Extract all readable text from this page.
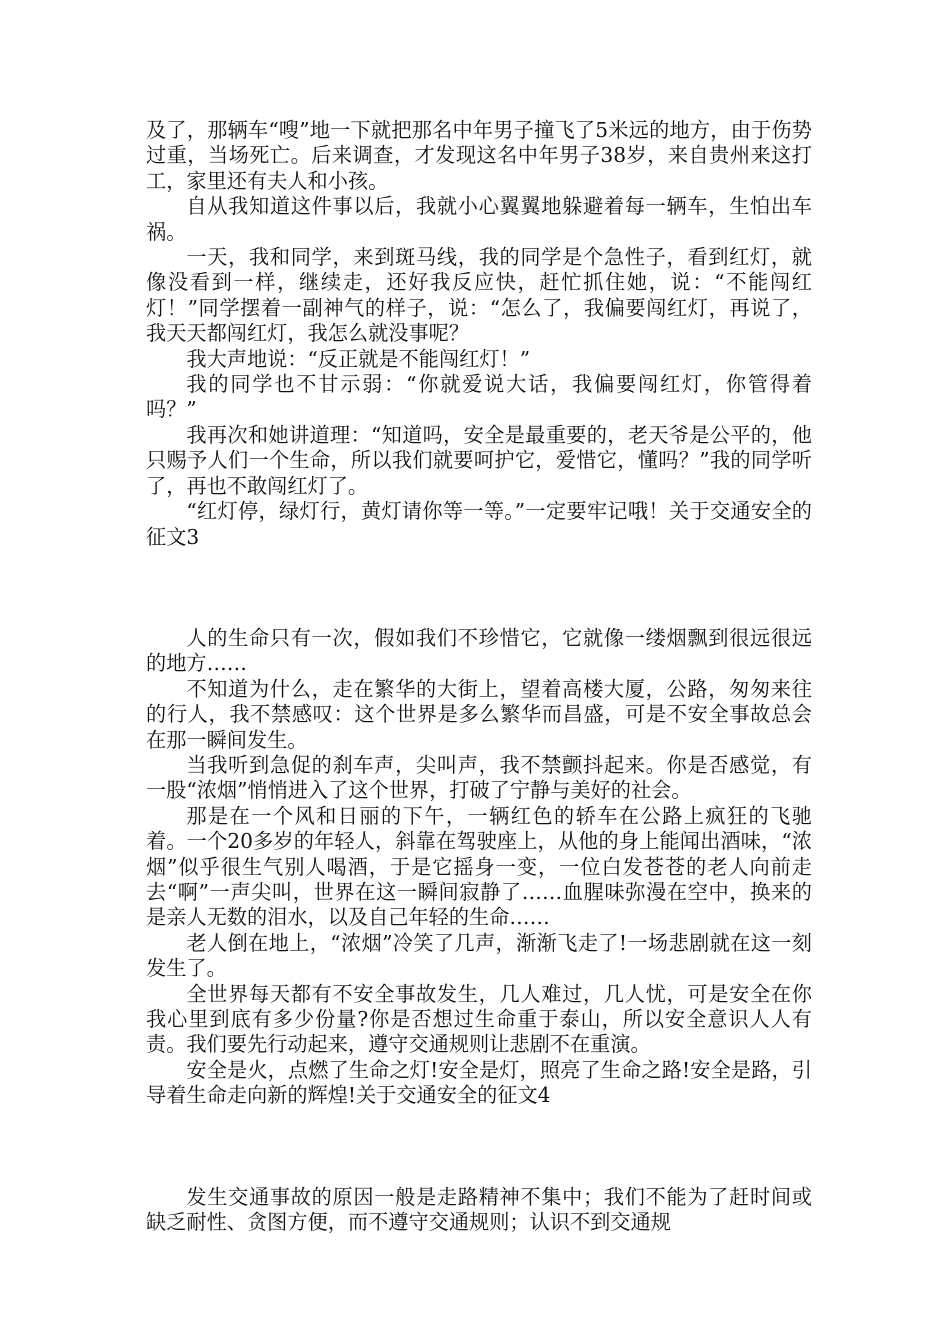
及了，那辆车“嗖”地一下就把那名中年男子撞飞了5米远的地方，由于伤势过重，当场死亡。后来调查，才发现这名中年男子38岁，来自贵州来这打工，家里还有夫人和小孩。

自从我知道这件事以后，我就小心翼翼地躲避着每一辆车，生怕出车祸。

一天，我和同学，来到斑马线，我的同学是个急性子，看到红灯，就像没看到一样，继续走，还好我反应快，赶忙抓住她，说：“不能闯红灯！”同学摆着一副神气的样子，说：“怎么了，我偏要闯红灯，再说了，我天天都闯红灯，我怎么就没事呢？

我大声地说：“反正就是不能闯红灯！”

我的同学也不甘示弱：“你就爱说大话，我偏要闯红灯，你管得着吗？”

我再次和她讲道理：“知道吗，安全是最重要的，老天爷是公平的，他只赐予人们一个生命，所以我们就要呵护它，爱惜它，懂吗？”我的同学听了，再也不敢闯红灯了。

“红灯停，绿灯行，黄灯请你等一等。”一定要牢记哦！关于交通安全的征文3

人的生命只有一次，假如我们不珍惜它，它就像一缕烟飘到很远很远的地方……

不知道为什么，走在繁华的大街上，望着高楼大厦，公路，匆匆来往的行人，我不禁感叹：这个世界是多么繁华而昌盛，可是不安全事故总会在那一瞬间发生。

当我听到急促的刹车声，尖叫声，我不禁颤抖起来。你是否感觉，有一股“浓烟”悄悄进入了这个世界，打破了宁静与美好的社会。

那是在一个风和日丽的下午，一辆红色的轿车在公路上疯狂的飞驰着。一个20多岁的年轻人，斜靠在驾驶座上，从他的身上能闻出酒味，“浓烟”似乎很生气别人喝酒，于是它摇身一变，一位白发苍苍的老人向前走去“啊”一声尖叫，世界在这一瞬间寂静了……血腥味弥漫在空中，换来的是亲人无数的泪水，以及自己年轻的生命……

老人倒在地上，“浓烟”冷笑了几声，渐渐飞走了!一场悲剧就在这一刻发生了。

全世界每天都有不安全事故发生，几人难过，几人忧，可是安全在你我心里到底有多少份量?你是否想过生命重于泰山，所以安全意识人人有责。我们要先行动起来，遵守交通规则让悲剧不在重演。

安全是火，点燃了生命之灯!安全是灯，照亮了生命之路!安全是路，引导着生命走向新的辉煌!关于交通安全的征文4

发生交通事故的原因一般是走路精神不集中；我们不能为了赶时间或缺乏耐性、贪图方便，而不遵守交通规则；认识不到交通规
